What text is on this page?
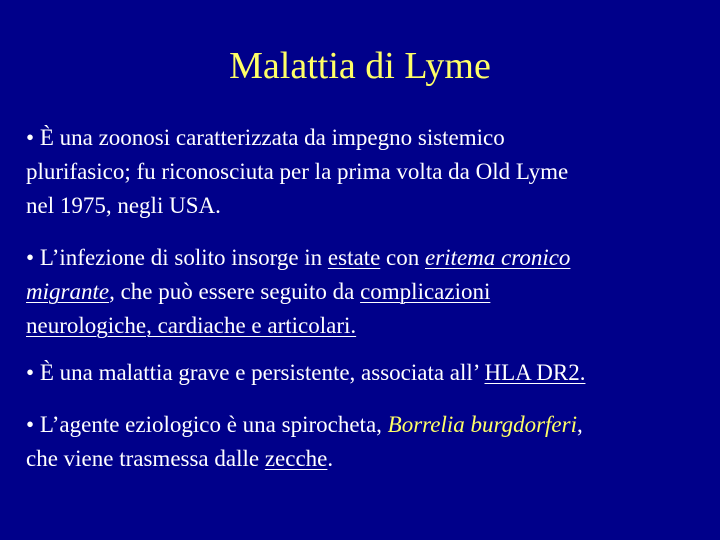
Malattia di Lyme

• È una zoonosi caratterizzata da impegno sistemico
plurifasico; fu riconosciuta per la prima volta da Old Lyme
nel 1975, negli USA.

• L’infezione di solito insorge in estate con eritema cronico
migrante, che può essere seguito da complicazioni
neurologiche, cardiache e articolari.

• È una malattia grave e persistente, associata all’ HLA DR2.

• L’agente eziologico è una spirocheta, Borrelia burgdorferi,
che viene trasmessa dalle zecche.
